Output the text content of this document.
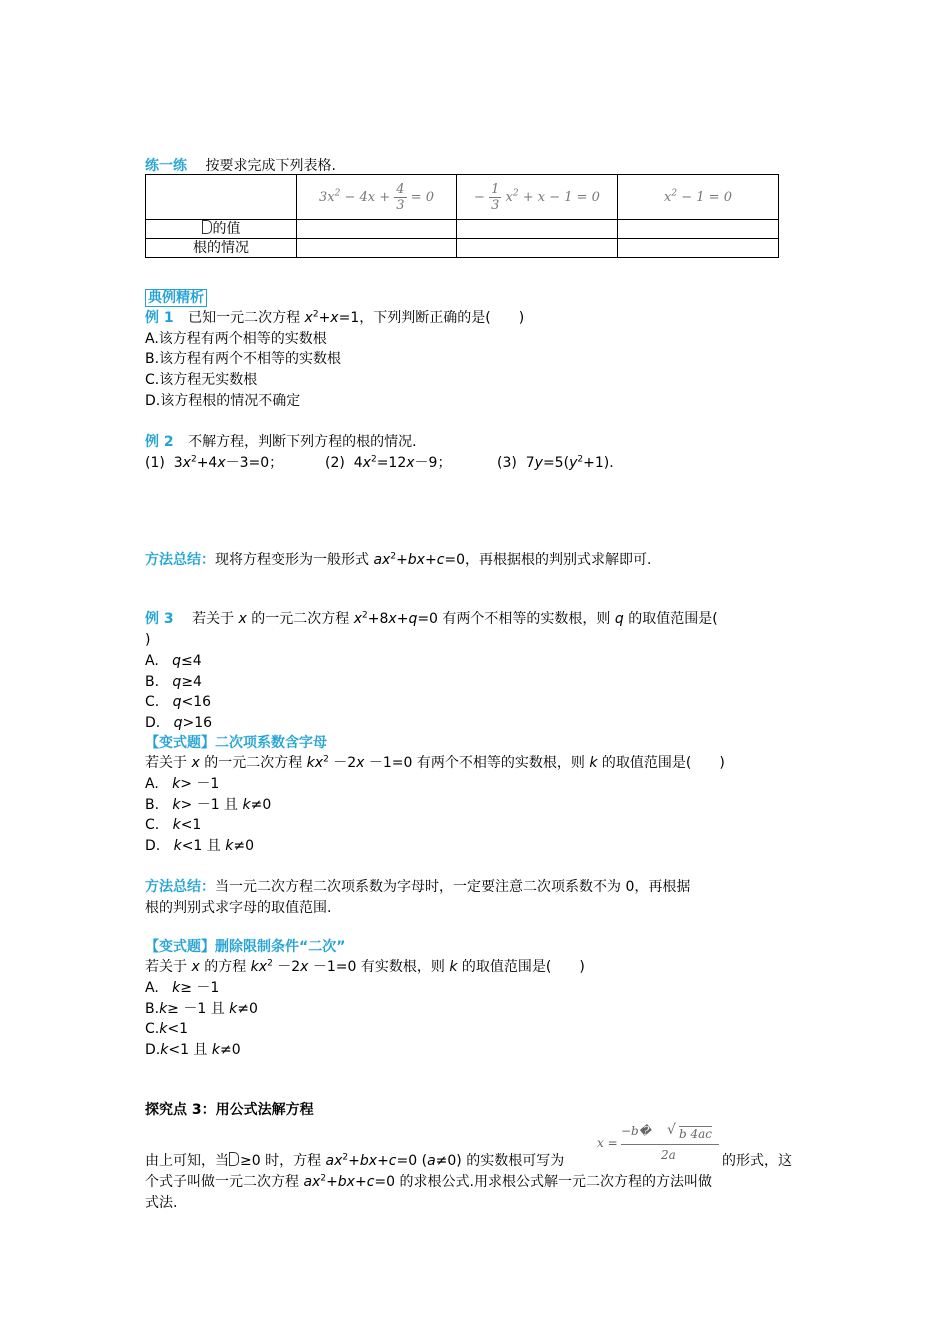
练一练 按要求完成下列表格.
	$3x^2 - 4x + \frac{4}{3} = 0$	− $\frac{1}{3} x^2 + x - 1 = 0$	$x^2 - 1 = 0$
的值			
根的情况			
典例精析
例 1 已知一元二次方程 $x^2+x=1$，下列判断正确的是(　　)
A.该方程有两个相等的实数根
B.该方程有两个不相等的实数根
C.该方程无实数根
D.该方程根的情况不确定
例 2 不解方程，判断下列方程的根的情况．
(1)  $3x^2+4x-3=0$；	(2)  $4x^2=12x-9$；	(3)  $7y=5(y^2+1)$.
方法总结：现将方程变形为一般形式 $ax^2+bx+c=0$，再根据根的判别式求解即可.
例 3 若关于 x 的一元二次方程 $x^2+8x+q=0$ 有两个不相等的实数根，则 q 的取值范围是(
)
A. q≤4
B. q≥4
C. q<16
D. q>16
【变式题】二次项系数含字母
若关于 x 的一元二次方程 $kx^2 -2x -1=0$ 有两个不相等的实数根，则 k 的取值范围是(　　)
A.   k> －1
B.   k> －1 且 k≠0
C.   k<1
D.   k<1 且 k≠0
方法总结：当一元二次方程二次项系数为字母时，一定要注意二次项系数不为 0，再根据
根的判别式求字母的取值范围.
【变式题】删除限制条件“二次”
若关于 x 的方程 $kx^2 -2x -1=0$ 有实数根，则 k 的取值范围是(　　)
A.   k≥ －1
B.k≥ －1 且 k≠0
C.k<1
D.k<1 且 k≠0
探究点 3：用公式法解方程
x =
−b� √ b 4ac
2a
由上可知，当 ≥0 时，方程 $ax^2+bx+c=0$ (a≠0) 的实数根可写为	的形式，这
个式子叫做一元二次方程 $ax^2+bx+c=0$ 的求根公式.用求根公式解一元二次方程的方法叫做
式法.
